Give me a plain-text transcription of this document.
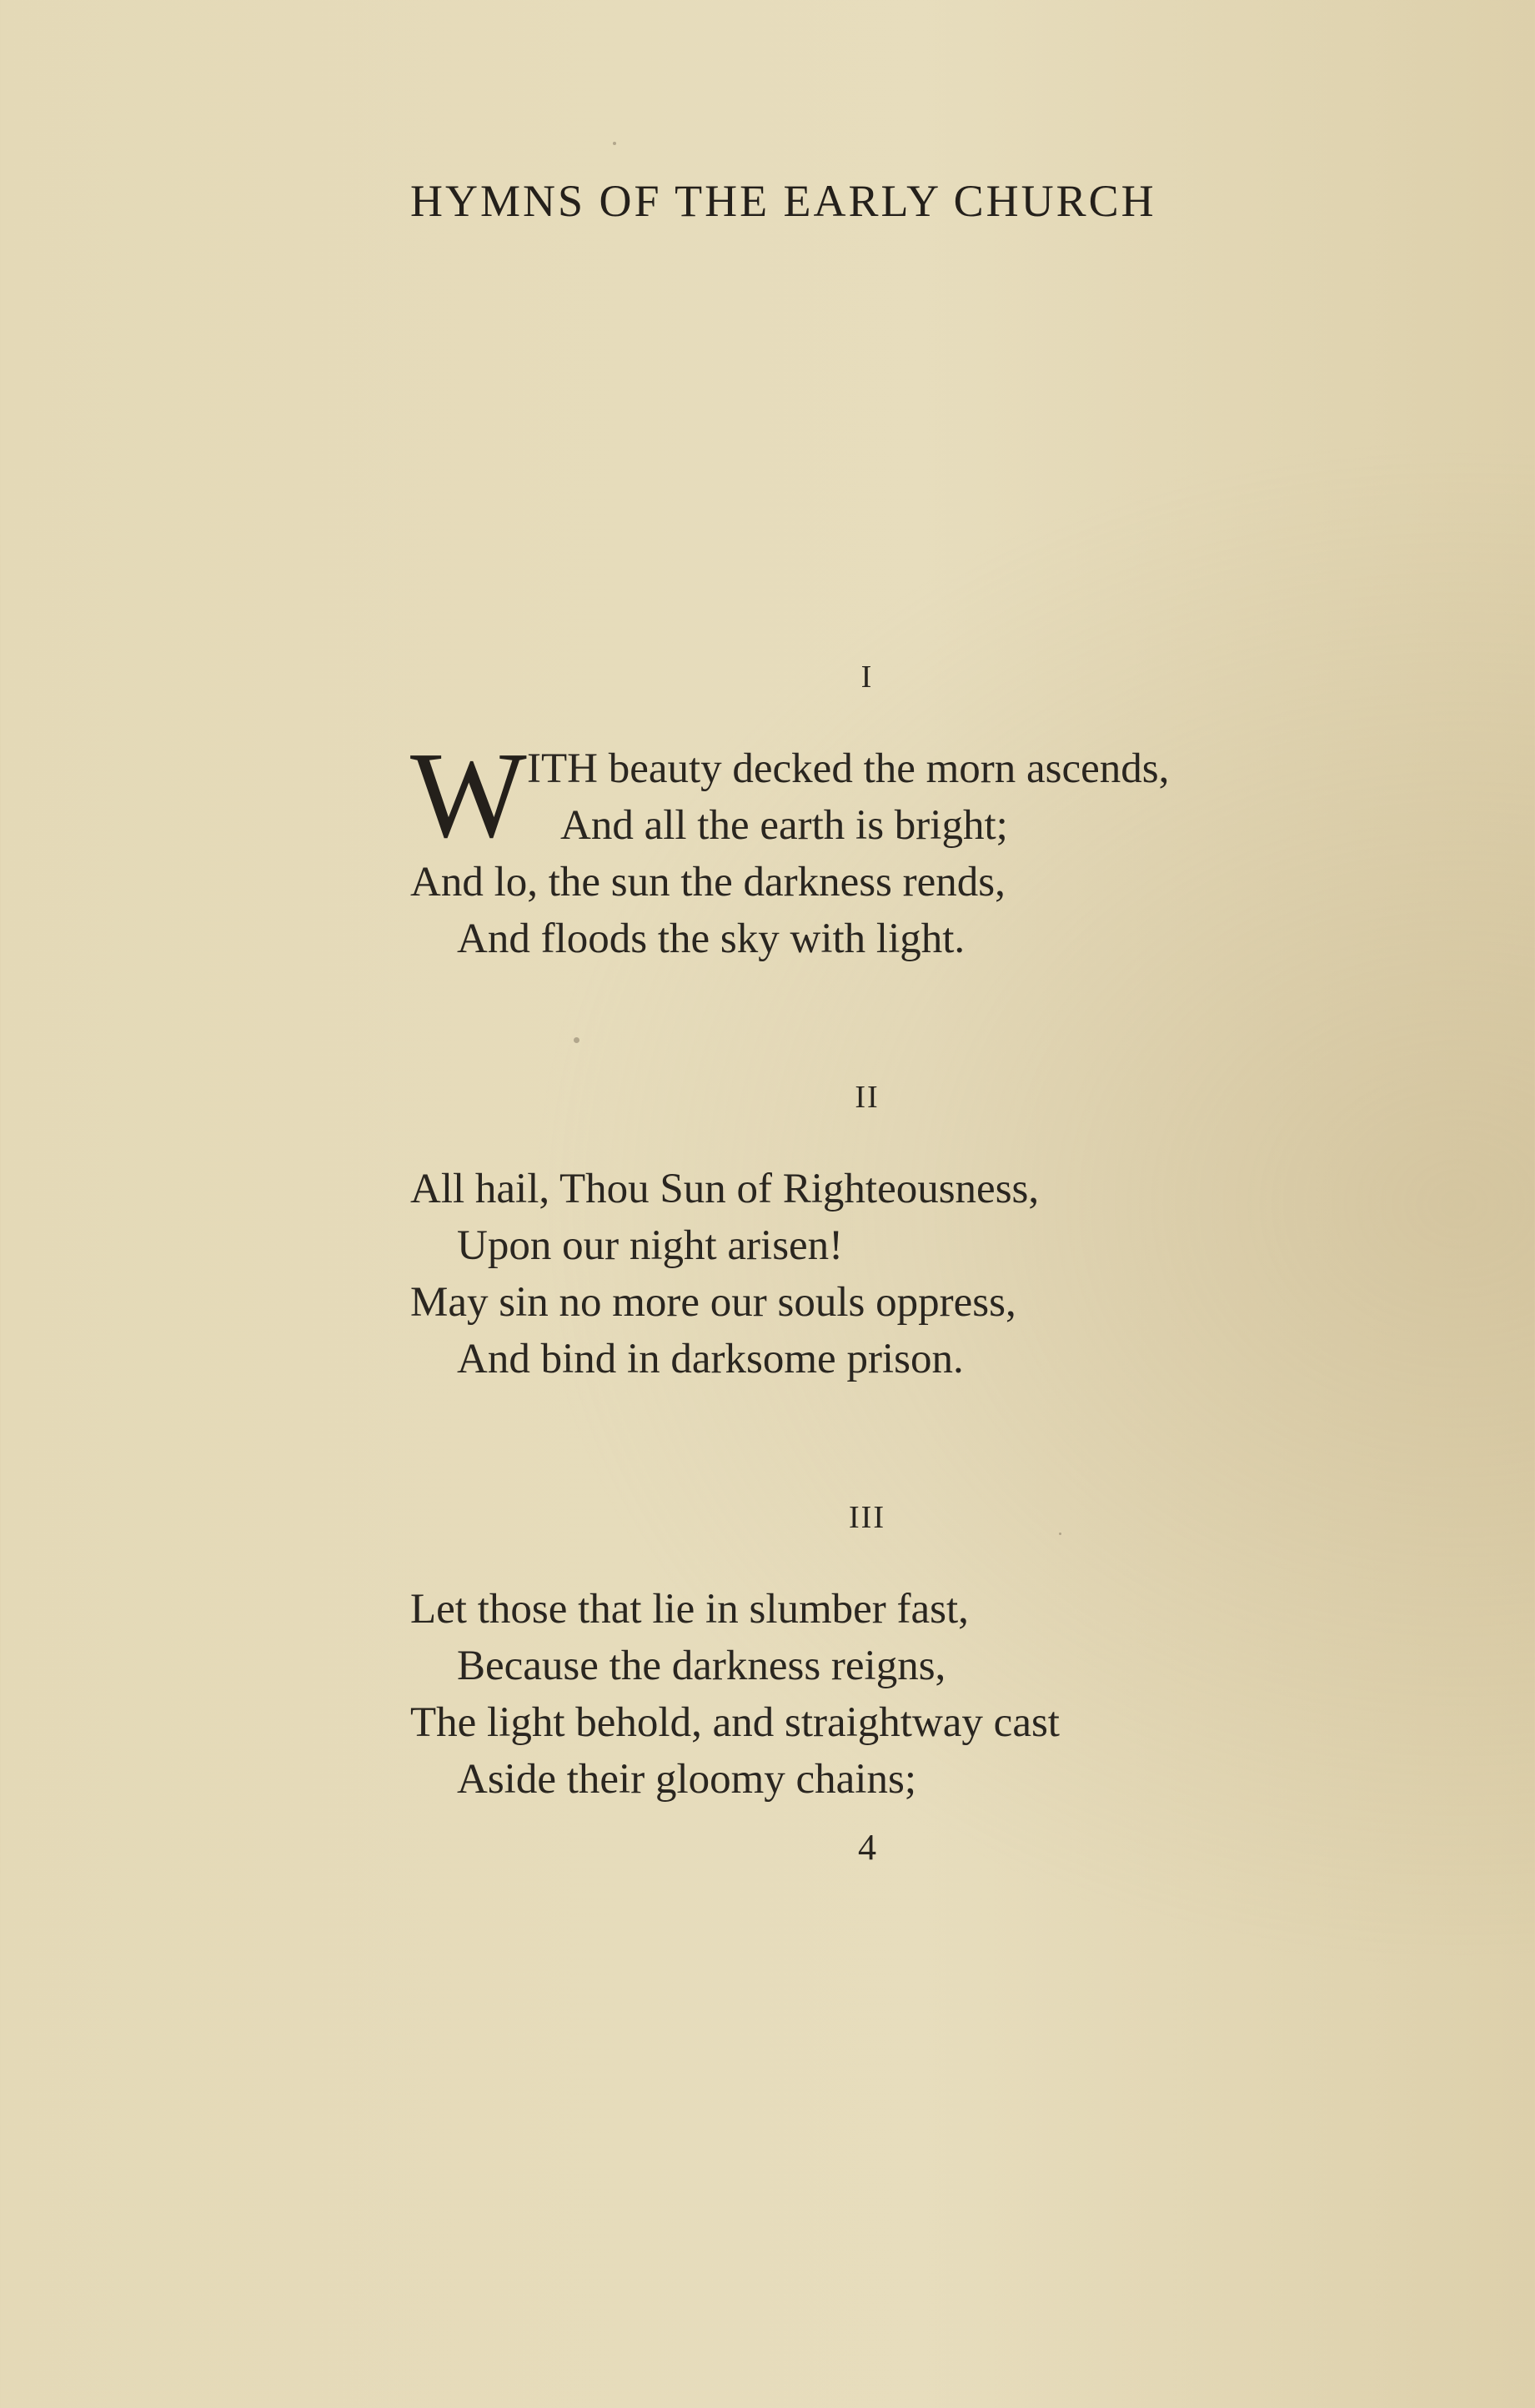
HYMNS OF THE EARLY CHURCH
I
W ITH beauty decked the morn ascends,
And all the earth is bright;
And lo, the sun the darkness rends,
And floods the sky with light.
II
All hail, Thou Sun of Righteousness,
Upon our night arisen!
May sin no more our souls oppress,
And bind in darksome prison.
III
Let those that lie in slumber fast,
Because the darkness reigns,
The light behold, and straightway cast
Aside their gloomy chains;
4
